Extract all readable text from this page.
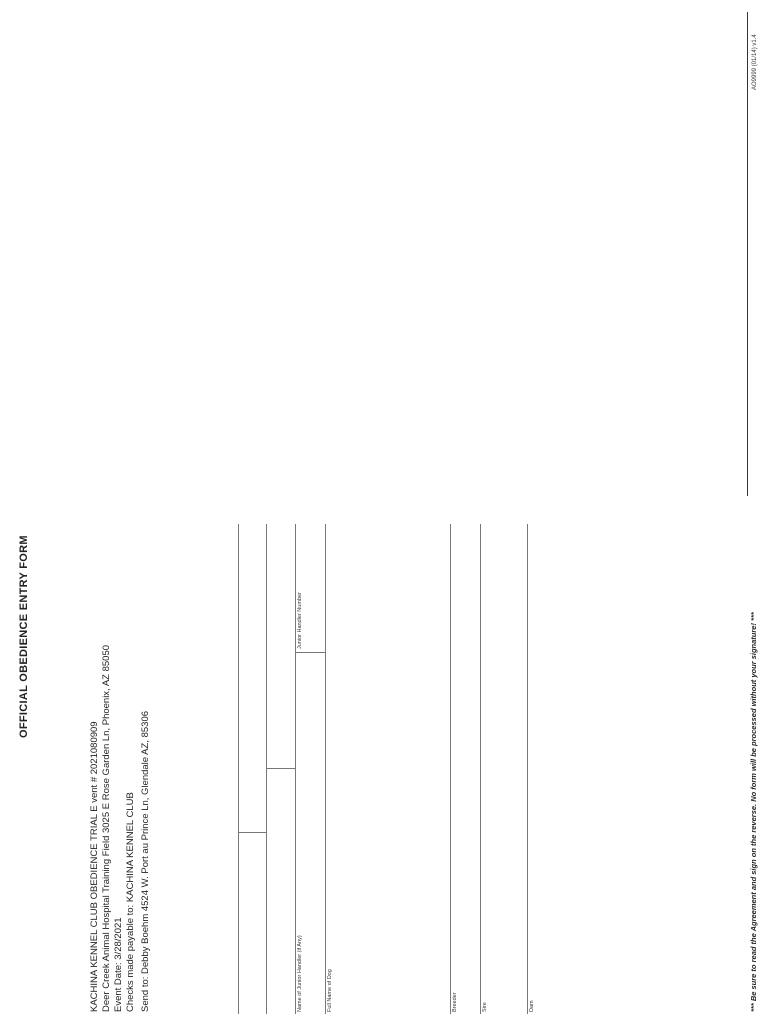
OFFICIAL OBEDIENCE ENTRY FORM
KACHINA KENNEL CLUB OBEDIENCE TRIAL E vent # 2021080909 Deer Creek Animal Hospital Training Field 3025 E Rose Garden Ln, Phoenix, AZ 85050 Event Date: 3/28/2021 Checks made payable to: KACHINA KENNEL CLUB Send to: Debby Boehm 4524 W. Port au Prince Ln, Glendale AZ, 85306	Name of Junior Handler (if Any)
Junior Handler Number
Full Name of Dog	Breeder	Sire	Dam	*** Be sure to read the Agreement and sign on the reverse. No form will be processed without your signature! ***
AO9999 (01/14) v1.4
